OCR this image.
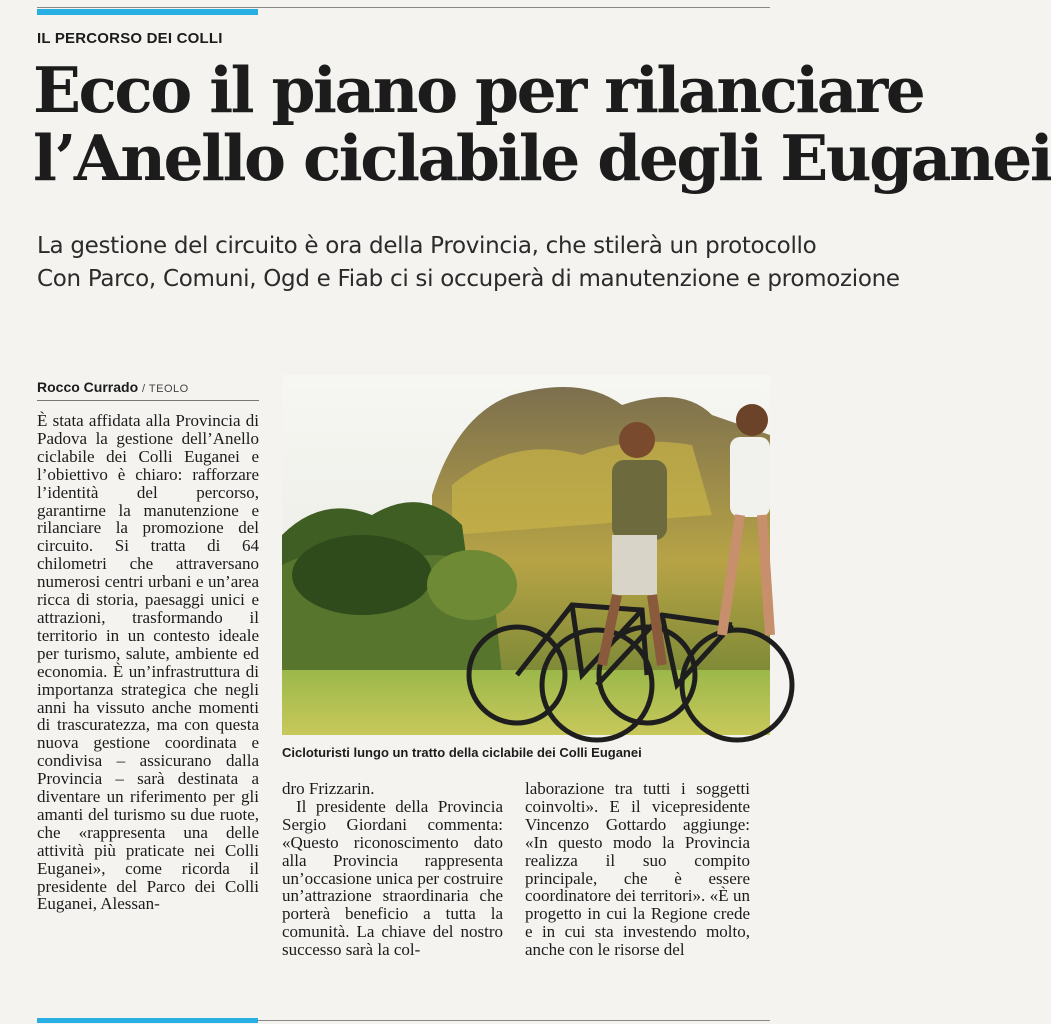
IL PERCORSO DEI COLLI
Ecco il piano per rilanciare
l’Anello ciclabile degli Euganei
La gestione del circuito è ora della Provincia, che stilerà un protocollo
Con Parco, Comuni, Ogd e Fiab ci si occuperà di manutenzione e promozione
Rocco Currado / TEOLO

È stata affidata alla Provincia di Padova la gestione dell’Anello ciclabile dei Colli Euganei e l’obiettivo è chiaro: rafforzare l’identità del percorso, garantirne la manutenzione e rilanciare la promozione del circuito. Si tratta di 64 chilometri che attraversano numerosi centri urbani e un’area ricca di storia, paesaggi unici e attrazioni, trasformando il territorio in un contesto ideale per turismo, salute, ambiente ed economia. È un’infrastruttura di importanza strategica che negli anni ha vissuto anche momenti di trascuratezza, ma con questa nuova gestione coordinata e condivisa – assicurano dalla Provincia – sarà destinata a diventare un riferimento per gli amanti del turismo su due ruote, che «rappresenta una delle attività più praticate nei Colli Euganei», come ricorda il presidente del Parco dei Colli Euganei, Alessan-

Cicloturisti lungo un tratto della ciclabile dei Colli Euganei

dro Frizzarin.

Il presidente della Provincia Sergio Giordani commenta: «Questo riconoscimento dato alla Provincia rappresenta un’occasione unica per costruire un’attrazione straordinaria che porterà beneficio a tutta la comunità. La chiave del nostro successo sarà la col-

laborazione tra tutti i soggetti coinvolti». E il vicepresidente Vincenzo Gottardo aggiunge: «In questo modo la Provincia realizza il suo compito principale, che è essere coordinatore dei territori». «È un progetto in cui la Regione crede e in cui sta investendo molto, anche con le risorse del
